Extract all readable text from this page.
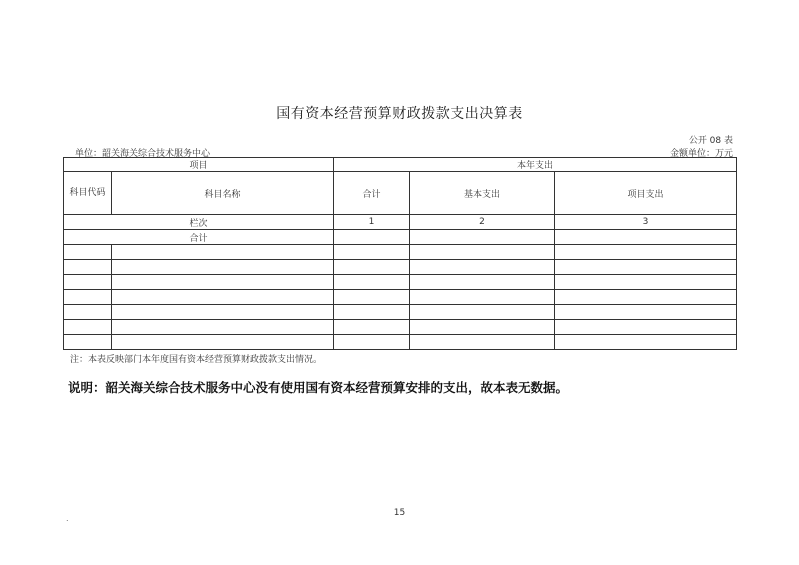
国有资本经营预算财政拨款支出决算表
公开 08 表
单位：韶关海关综合技术服务中心	金额单位：万元
项目		本年支出		
科目代码	科目名称	合计	基本支出	项目支出
栏次		1	2	3
合计				

注：本表反映部门本年度国有资本经营预算财政拨款支出情况。
说明：韶关海关综合技术服务中心没有使用国有资本经营预算安排的支出，故本表无数据。
.
15
